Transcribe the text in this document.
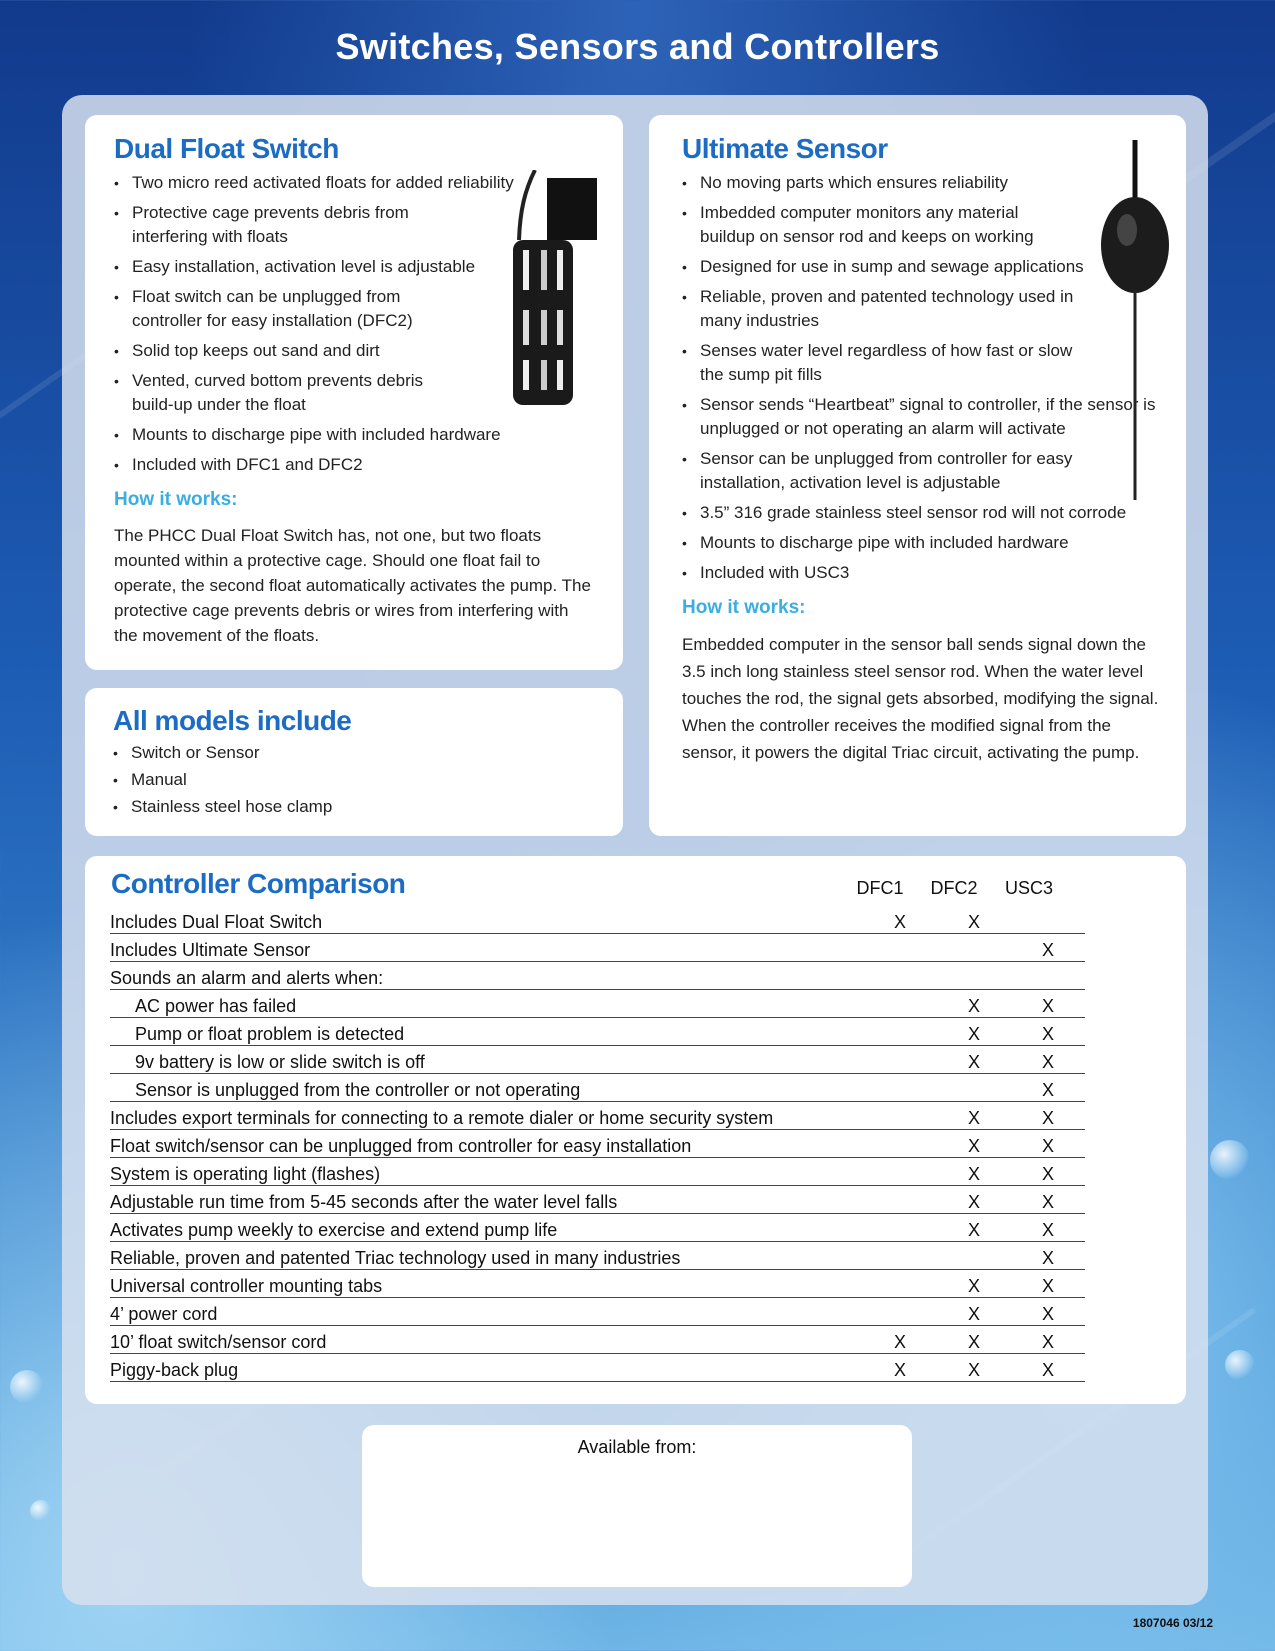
Switches, Sensors and Controllers
Dual Float Switch
• Two micro reed activated floats for added reliability
• Protective cage prevents debris from interfering with floats
• Easy installation, activation level is adjustable
• Float switch can be unplugged from controller for easy installation (DFC2)
• Solid top keeps out sand and dirt
• Vented, curved bottom prevents debris build-up under the float
• Mounts to discharge pipe with included hardware
• Included with DFC1 and DFC2
How it works:

The PHCC Dual Float Switch has, not one, but two floats mounted within a protective cage. Should one float fail to operate, the second float automatically activates the pump. The protective cage prevents debris or wires from interfering with the movement of the floats.

All models include
• Switch or Sensor
• Manual
• Stainless steel hose clamp
Ultimate Sensor
• No moving parts which ensures reliability
• Imbedded computer monitors any material buildup on sensor rod and keeps on working
• Designed for use in sump and sewage applications
• Reliable, proven and patented technology used in many industries
• Senses water level regardless of how fast or slow the sump pit fills
• Sensor sends “Heartbeat” signal to controller, if the sensor is unplugged or not operating an alarm will activate
• Sensor can be unplugged from controller for easy installation, activation level is adjustable
• 3.5” 316 grade stainless steel sensor rod will not corrode
• Mounts to discharge pipe with included hardware
• Included with USC3
How it works:

Embedded computer in the sensor ball sends signal down the 3.5 inch long stainless steel sensor rod. When the water level touches the rod, the signal gets absorbed, modifying the signal. When the controller receives the modified signal from the sensor, it powers the digital Triac circuit, activating the pump.

Controller Comparison	DFC1	DFC2	USC3
Includes Dual Float Switch	X	X	
Includes Ultimate Sensor			X
Sounds an alarm and alerts when:			
AC power has failed		X	X
Pump or float problem is detected		X	X
9v battery is low or slide switch is off		X	X
Sensor is unplugged from the controller or not operating			X
Includes export terminals for connecting to a remote dialer or home security system		X	X
Float switch/sensor can be unplugged from controller for easy installation		X	X
System is operating light (flashes)		X	X
Adjustable run time from 5-45 seconds after the water level falls		X	X
Activates pump weekly to exercise and extend pump life		X	X
Reliable, proven and patented Triac technology used in many industries			X
Universal controller mounting tabs		X	X
4’ power cord		X	X
10’ float switch/sensor cord	X	X	X
Piggy-back plug	X	X	X
Available from:
1807046 03/12
